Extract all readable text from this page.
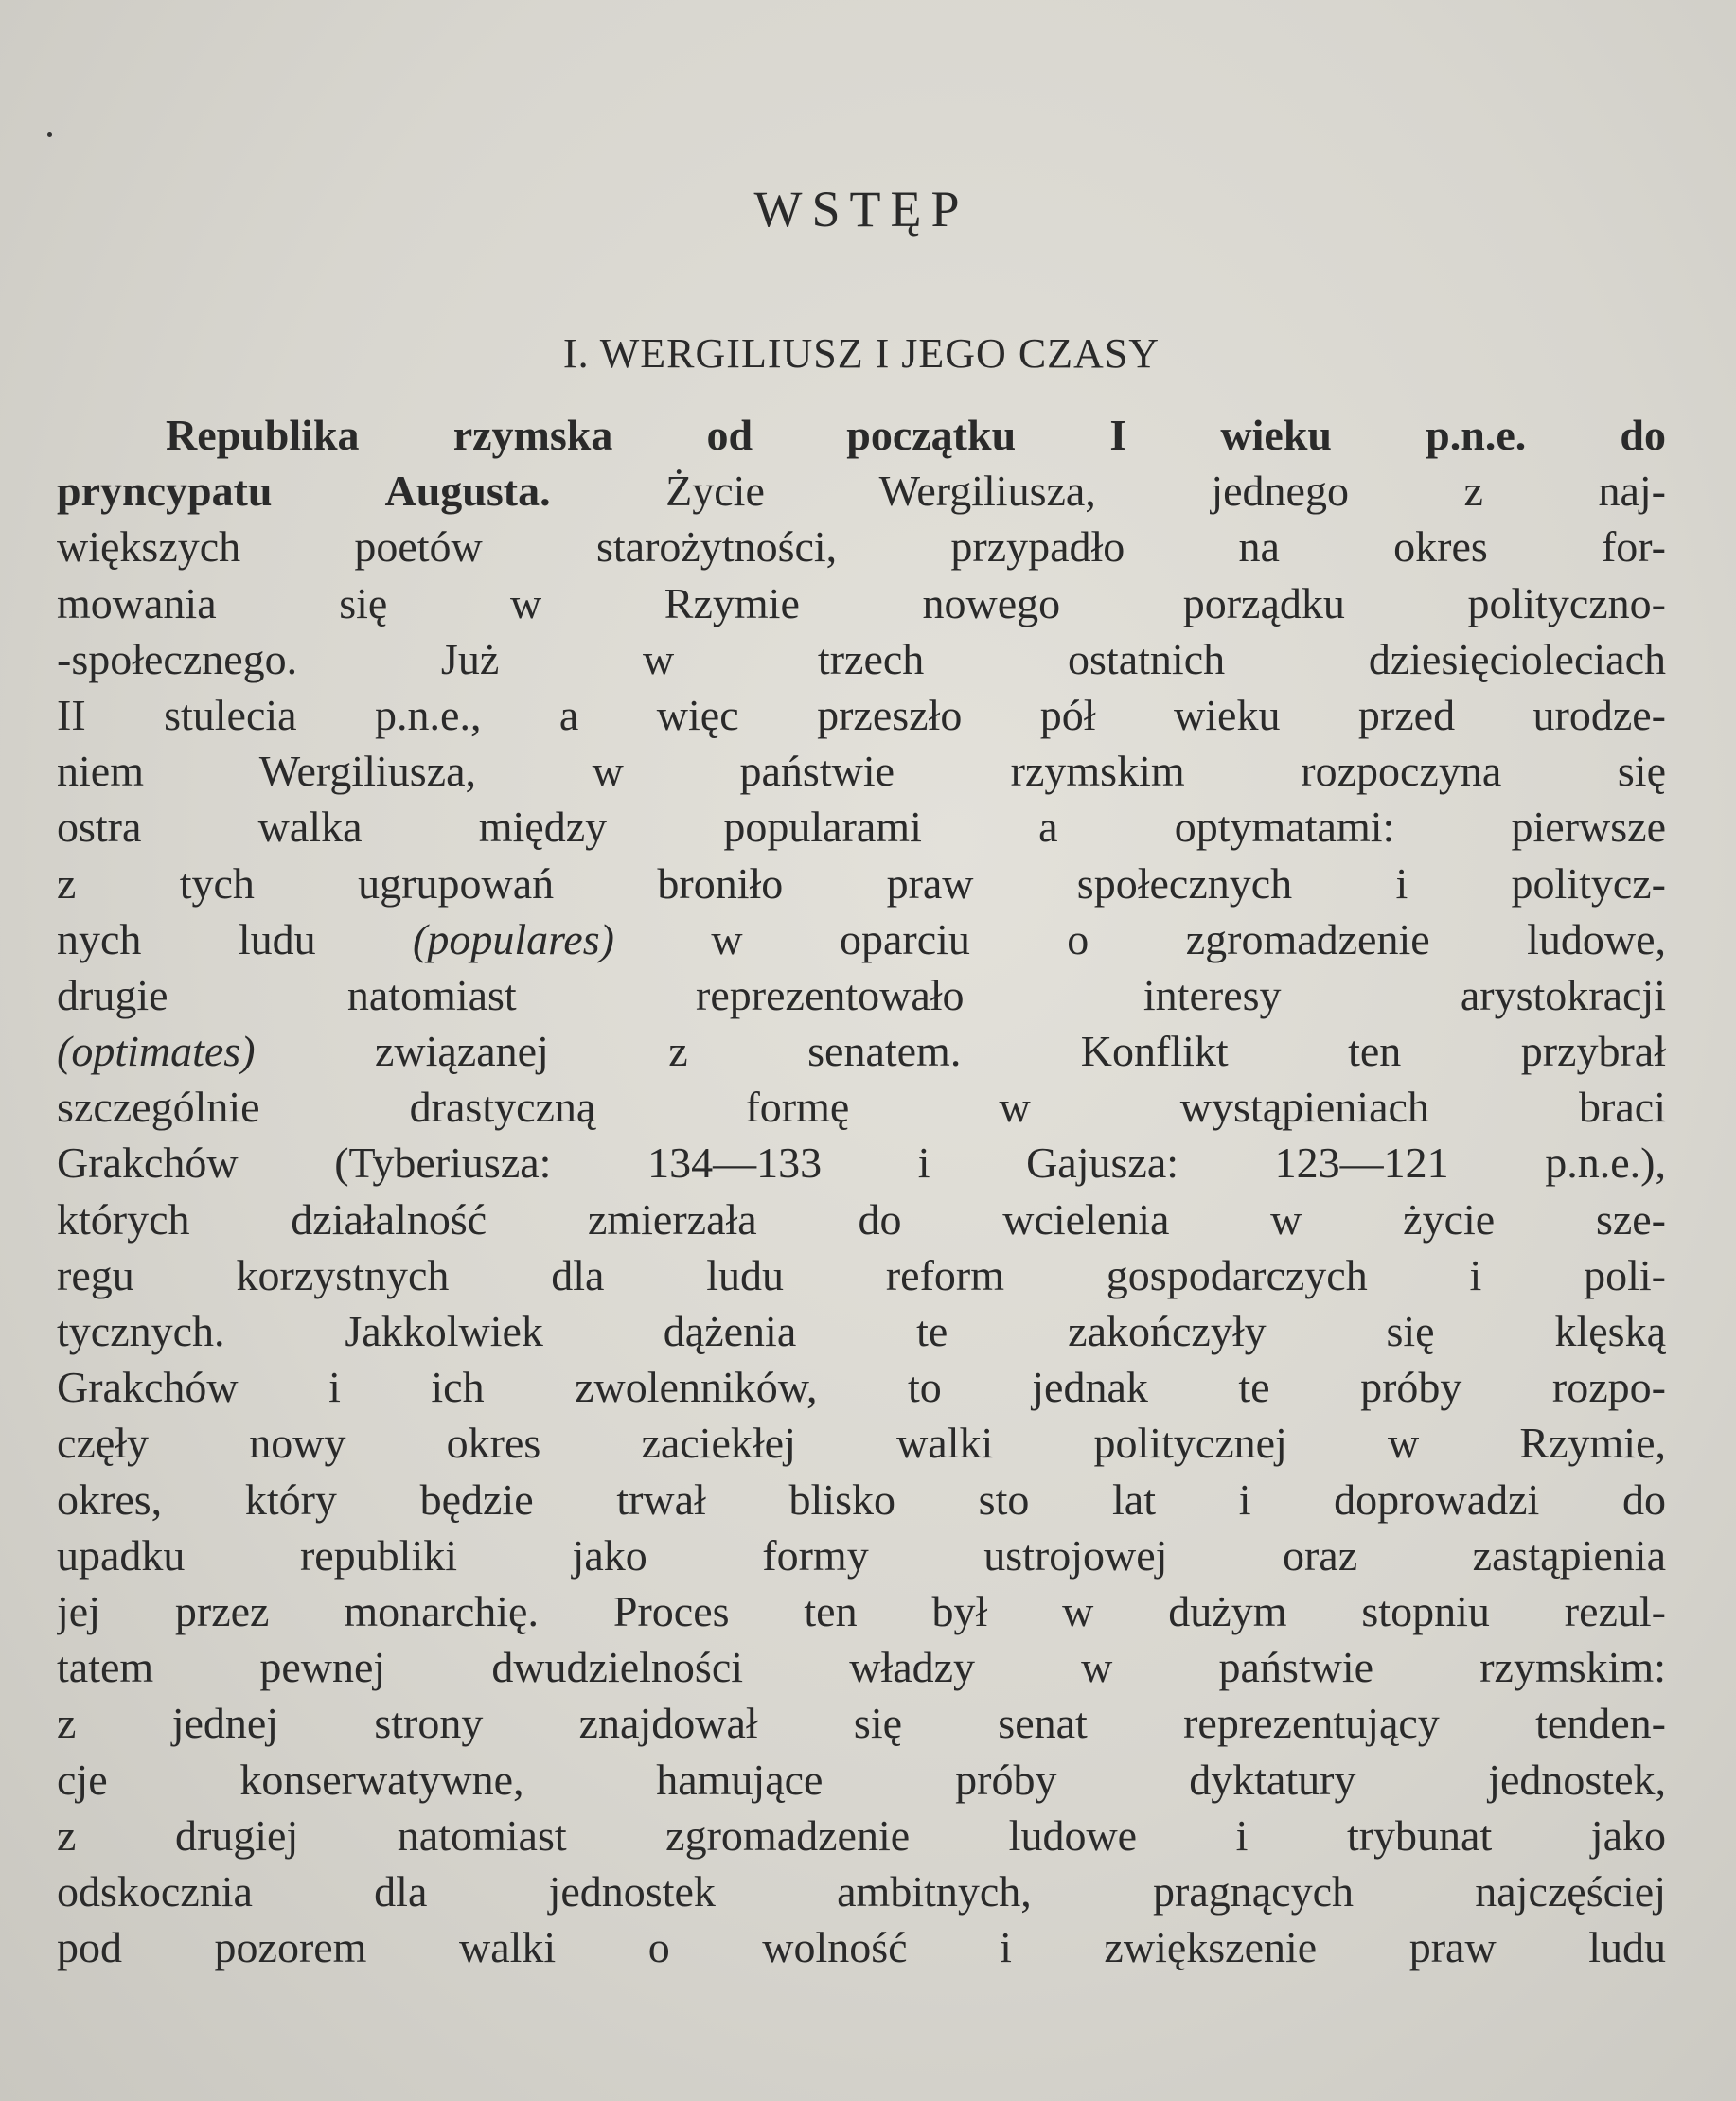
WSTĘP
I. WERGILIUSZ I JEGO CZASY
Republika rzymska od początku I wieku p.n.e. do
pryncypatu Augusta. Życie Wergiliusza, jednego z naj-
większych poetów starożytności, przypadło na okres for-
mowania się w Rzymie nowego porządku polityczno-
-społecznego. Już w trzech ostatnich dziesięcioleciach
II stulecia p.n.e., a więc przeszło pół wieku przed urodze-
niem Wergiliusza, w państwie rzymskim rozpoczyna się
ostra walka między popularami a optymatami: pierwsze
z tych ugrupowań broniło praw społecznych i politycz-
nych ludu (populares) w oparciu o zgromadzenie ludowe,
drugie natomiast reprezentowało interesy arystokracji
(optimates) związanej z senatem. Konflikt ten przybrał
szczególnie drastyczną formę w wystąpieniach braci
Grakchów (Tyberiusza: 134—133 i Gajusza: 123—121 p.n.e.),
których działalność zmierzała do wcielenia w życie sze-
regu korzystnych dla ludu reform gospodarczych i poli-
tycznych. Jakkolwiek dążenia te zakończyły się klęską
Grakchów i ich zwolenników, to jednak te próby rozpo-
częły nowy okres zaciekłej walki politycznej w Rzymie,
okres, który będzie trwał blisko sto lat i doprowadzi do
upadku republiki jako formy ustrojowej oraz zastąpienia
jej przez monarchię. Proces ten był w dużym stopniu rezul-
tatem pewnej dwudzielności władzy w państwie rzymskim:
z jednej strony znajdował się senat reprezentujący tenden-
cje konserwatywne, hamujące próby dyktatury jednostek,
z drugiej natomiast zgromadzenie ludowe i trybunat jako
odskocznia dla jednostek ambitnych, pragnących najczęściej
pod pozorem walki o wolność i zwiększenie praw ludu
